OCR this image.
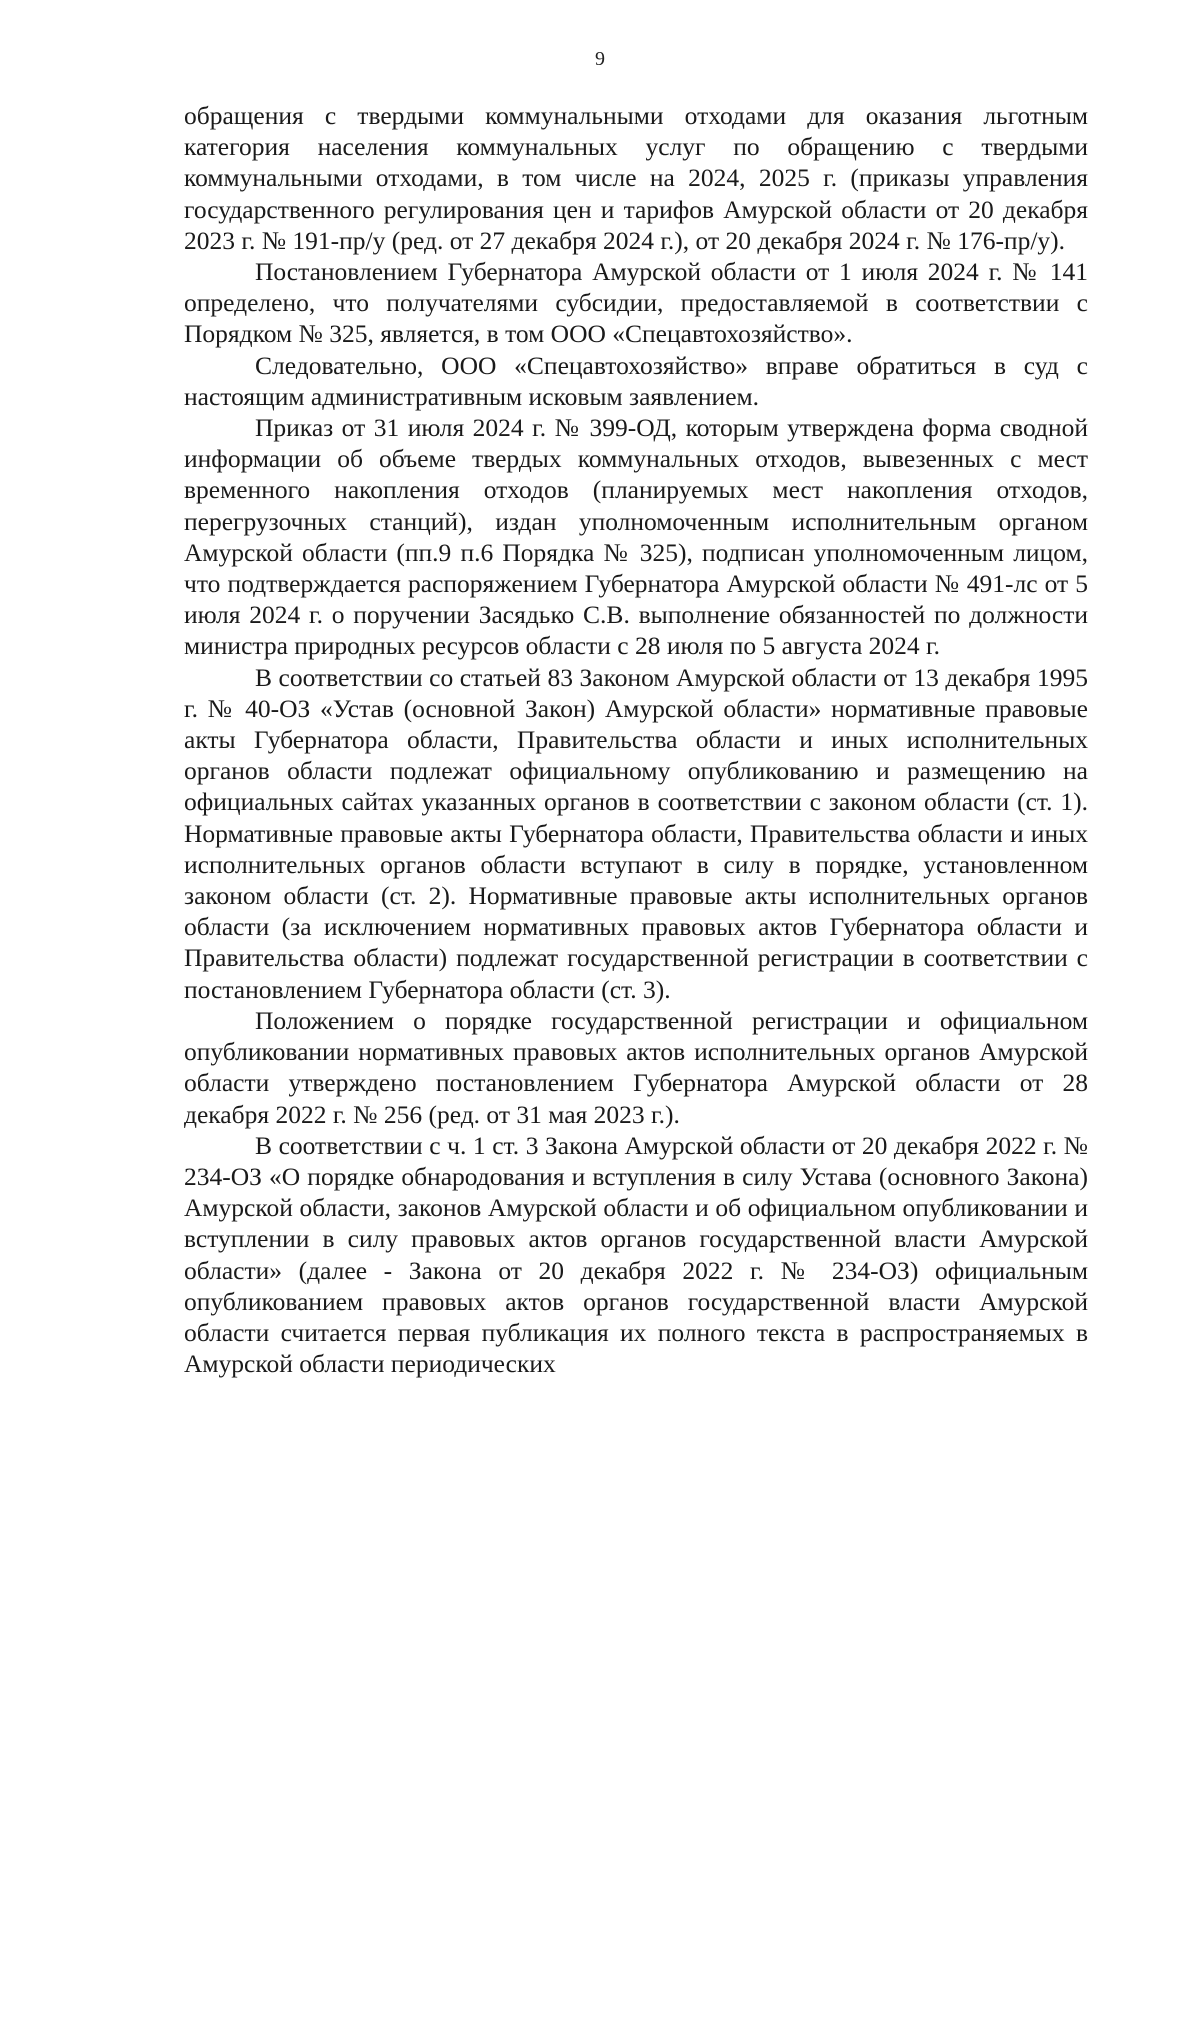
9

обращения с твердыми коммунальными отходами для оказания льготным категория населения коммунальных услуг по обращению с твердыми коммунальными отходами, в том числе на 2024, 2025 г. (приказы управления государственного регулирования цен и тарифов Амурской области от 20 декабря 2023 г. № 191-пр/у (ред. от 27 декабря 2024 г.), от 20 декабря 2024 г. № 176-пр/у).

Постановлением Губернатора Амурской области от 1 июля 2024 г. № 141 определено, что получателями субсидии, предоставляемой в соответствии с Порядком № 325, является, в том ООО «Спецавтохозяйство».

Следовательно, ООО «Спецавтохозяйство» вправе обратиться в суд с настоящим административным исковым заявлением.

Приказ от 31 июля 2024 г. № 399-ОД, которым утверждена форма сводной информации об объеме твердых коммунальных отходов, вывезенных с мест временного накопления отходов (планируемых мест накопления отходов, перегрузочных станций), издан уполномоченным исполнительным органом Амурской области (пп.9 п.6 Порядка № 325), подписан уполномоченным лицом, что подтверждается распоряжением Губернатора Амурской области № 491-лс от 5 июля 2024 г. о поручении Засядько С.В. выполнение обязанностей по должности министра природных ресурсов области с 28 июля по 5 августа 2024 г.

В соответствии со статьей 83 Законом Амурской области от 13 декабря 1995 г. № 40-ОЗ «Устав (основной Закон) Амурской области» нормативные правовые акты Губернатора области, Правительства области и иных исполнительных органов области подлежат официальному опубликованию и размещению на официальных сайтах указанных органов в соответствии с законом области (ст. 1). Нормативные правовые акты Губернатора области, Правительства области и иных исполнительных органов области вступают в силу в порядке, установленном законом области (ст. 2). Нормативные правовые акты исполнительных органов области (за исключением нормативных правовых актов Губернатора области и Правительства области) подлежат государственной регистрации в соответствии с постановлением Губернатора области (ст. 3).

Положением о порядке государственной регистрации и официальном опубликовании нормативных правовых актов исполнительных органов Амурской области утверждено постановлением Губернатора Амурской области от 28 декабря 2022 г. № 256 (ред. от 31 мая 2023 г.).

В соответствии с ч. 1 ст. 3 Закона Амурской области от 20 декабря 2022 г. № 234-ОЗ «О порядке обнародования и вступления в силу Устава (основного Закона) Амурской области, законов Амурской области и об официальном опубликовании и вступлении в силу правовых актов органов государственной власти Амурской области» (далее - Закона от 20 декабря 2022 г. № 234-ОЗ) официальным опубликованием правовых актов органов государственной власти Амурской области считается первая публикация их полного текста в распространяемых в Амурской области периодических
